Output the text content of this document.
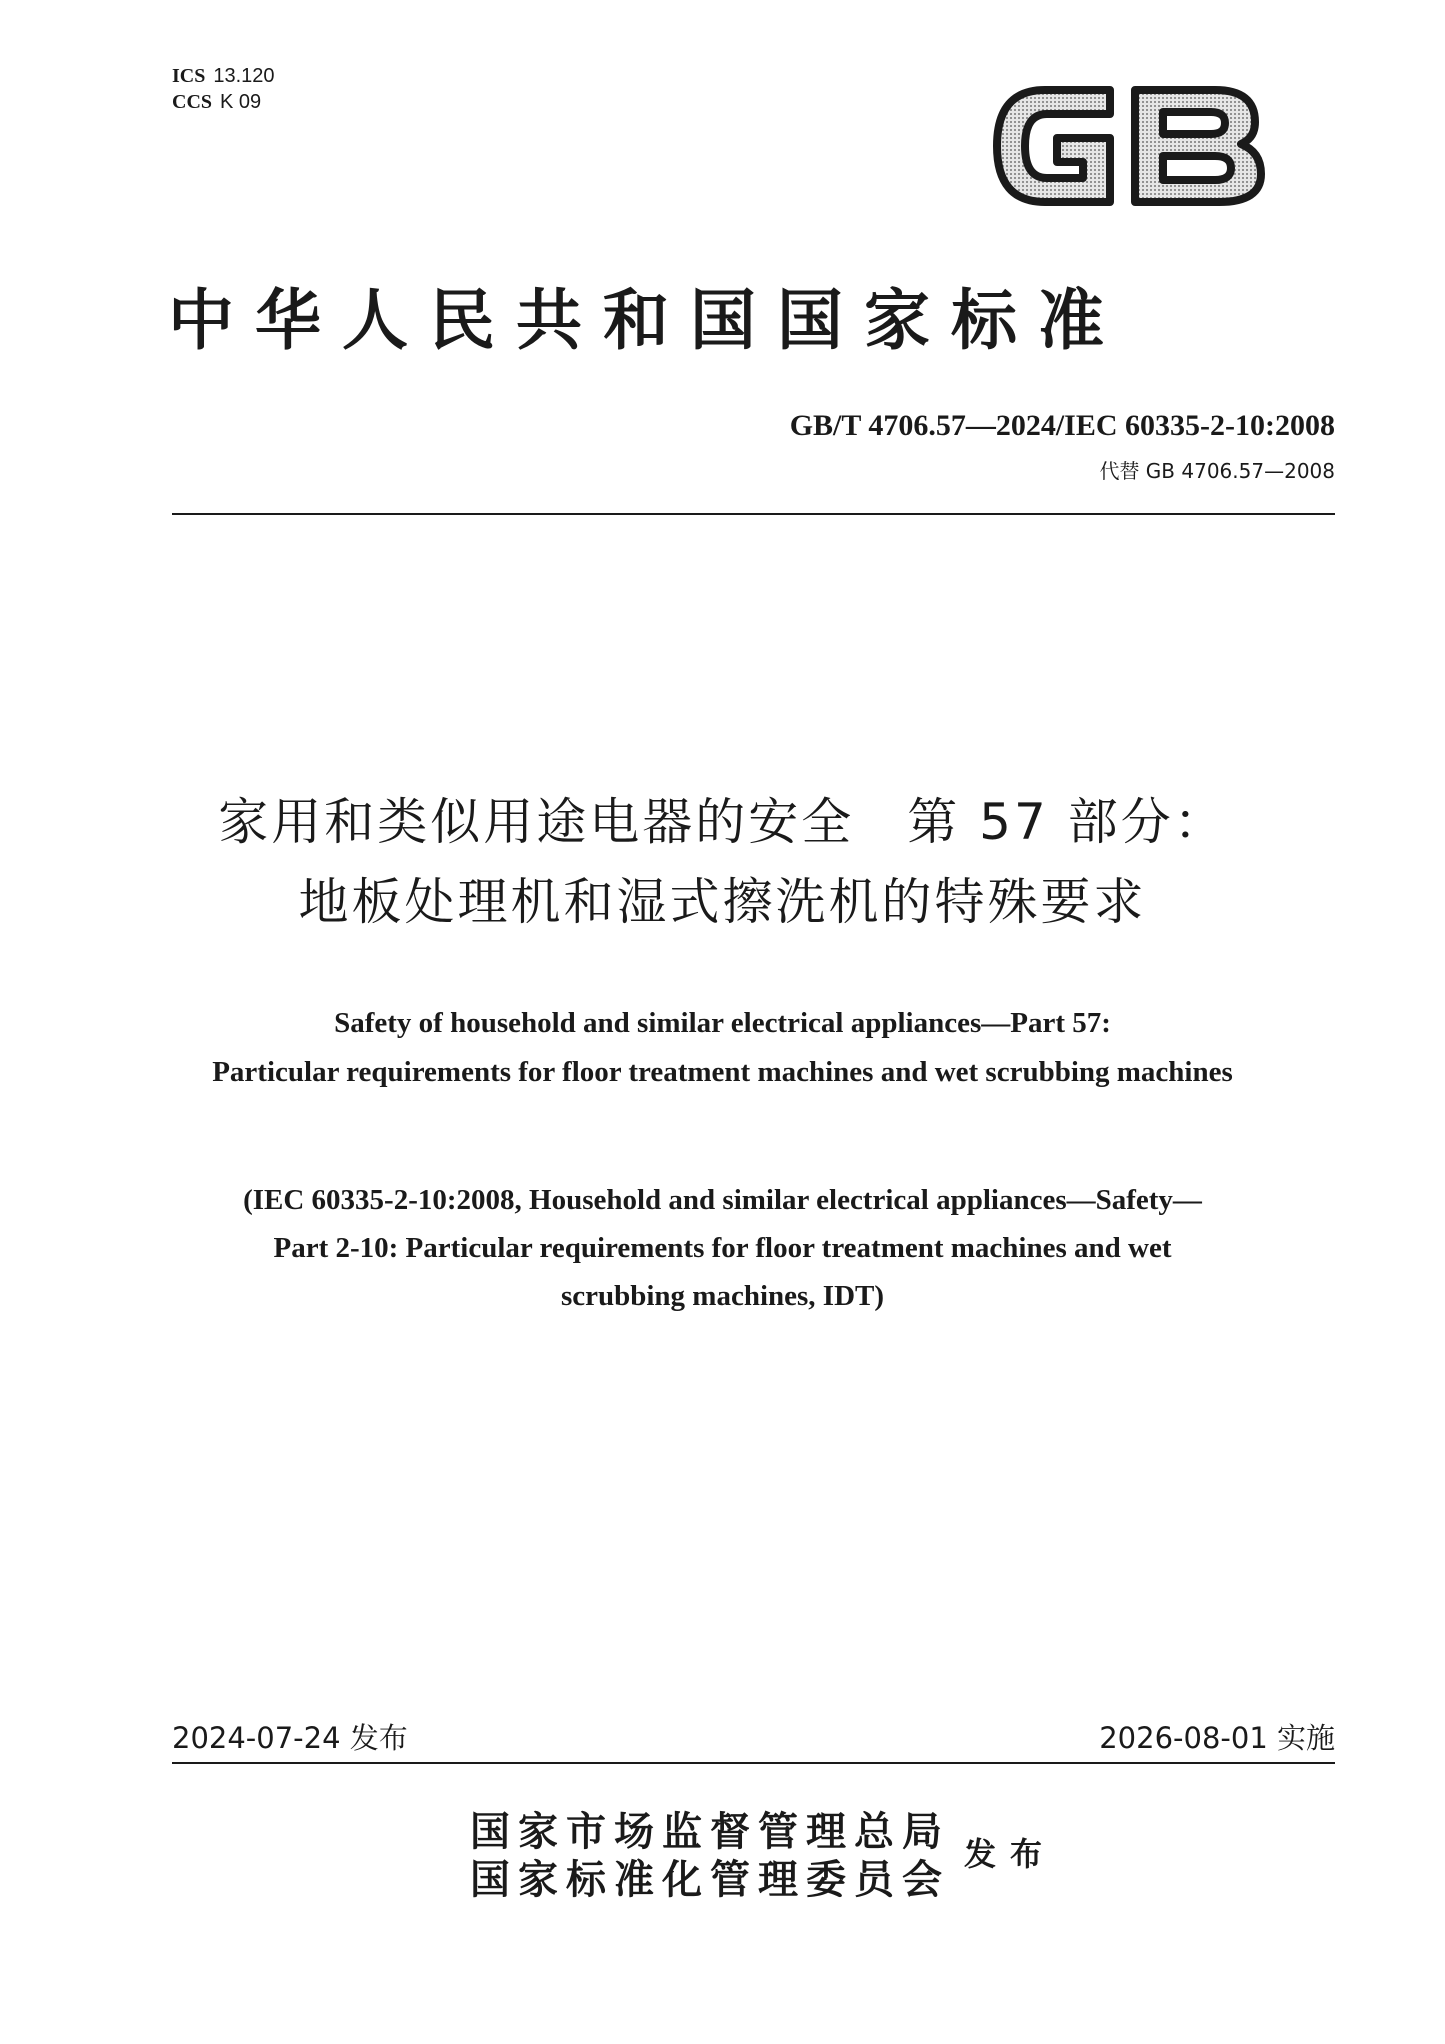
ICS 13.120
CCS K 09
中华人民共和国国家标准
GB/T 4706.57—2024/IEC 60335-2-10:2008
代替 GB 4706.57—2008
家用和类似用途电器的安全　第 57 部分：
地板处理机和湿式擦洗机的特殊要求
Safety of household and similar electrical appliances—Part 57:
Particular requirements for floor treatment machines and wet scrubbing machines
(IEC 60335-2-10:2008, Household and similar electrical appliances—Safety—
Part 2-10: Particular requirements for floor treatment machines and wet
scrubbing machines, IDT)
2024-07-24 发布	2026-08-01 实施
国家市场监督管理总局
国家标准化管理委员会
发布
